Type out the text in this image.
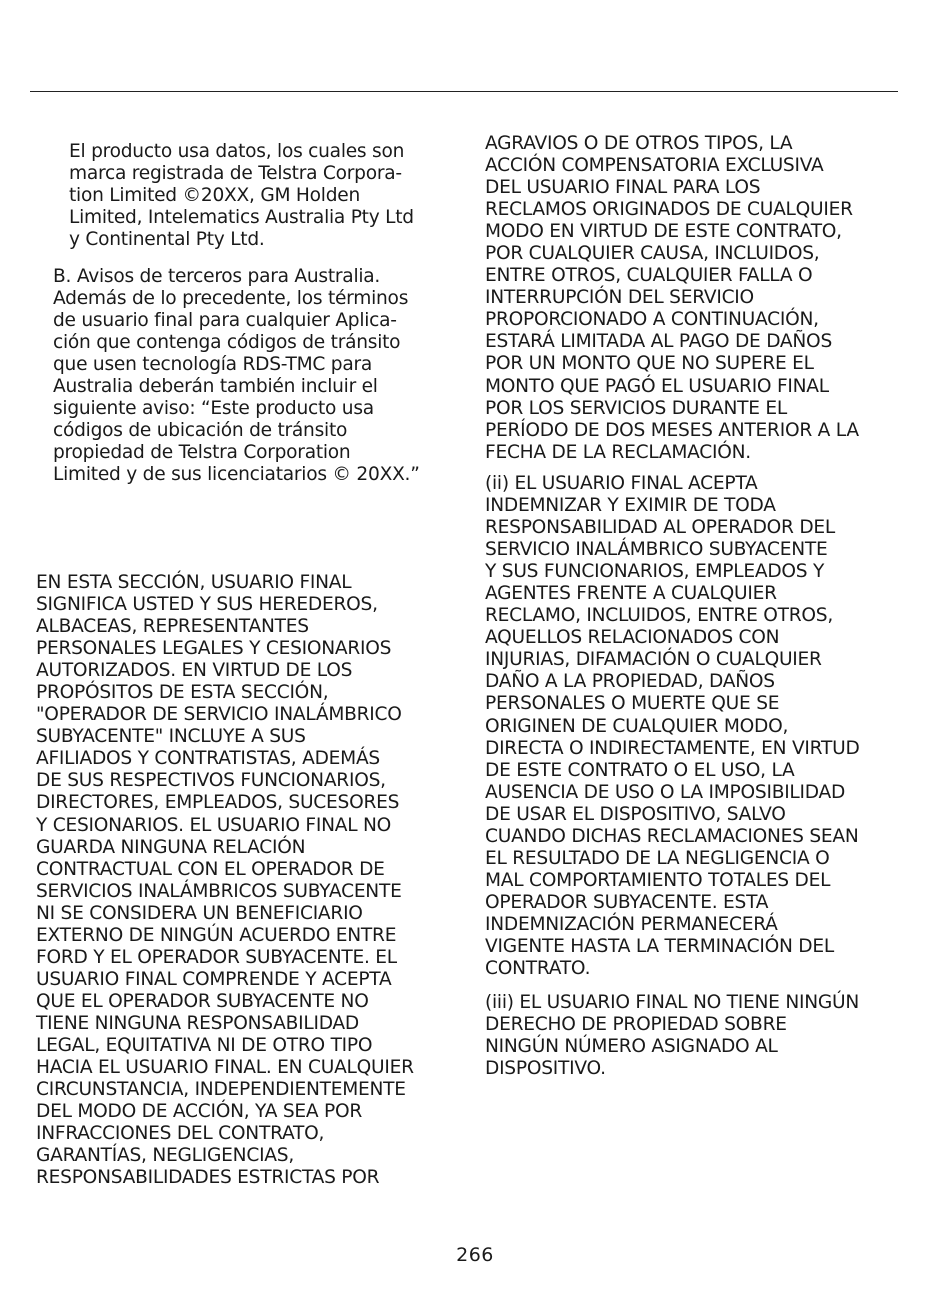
El producto usa datos, los cuales son
marca registrada de Telstra Corpora-
tion Limited ©20XX, GM Holden
Limited, Intelematics Australia Pty Ltd
y Continental Pty Ltd.
B. Avisos de terceros para Australia.
Además de lo precedente, los términos
de usuario final para cualquier Aplica-
ción que contenga códigos de tránsito
que usen tecnología RDS-TMC para
Australia deberán también incluir el
siguiente aviso: “Este producto usa
códigos de ubicación de tránsito
propiedad de Telstra Corporation
Limited y de sus licenciatarios © 20XX.”
EN ESTA SECCIÓN, USUARIO FINAL
SIGNIFICA USTED Y SUS HEREDEROS,
ALBACEAS, REPRESENTANTES
PERSONALES LEGALES Y CESIONARIOS
AUTORIZADOS. EN VIRTUD DE LOS
PROPÓSITOS DE ESTA SECCIÓN,
"OPERADOR DE SERVICIO INALÁMBRICO
SUBYACENTE" INCLUYE A SUS
AFILIADOS Y CONTRATISTAS, ADEMÁS
DE SUS RESPECTIVOS FUNCIONARIOS,
DIRECTORES, EMPLEADOS, SUCESORES
Y CESIONARIOS. EL USUARIO FINAL NO
GUARDA NINGUNA RELACIÓN
CONTRACTUAL CON EL OPERADOR DE
SERVICIOS INALÁMBRICOS SUBYACENTE
NI SE CONSIDERA UN BENEFICIARIO
EXTERNO DE NINGÚN ACUERDO ENTRE
FORD Y EL OPERADOR SUBYACENTE. EL
USUARIO FINAL COMPRENDE Y ACEPTA
QUE EL OPERADOR SUBYACENTE NO
TIENE NINGUNA RESPONSABILIDAD
LEGAL, EQUITATIVA NI DE OTRO TIPO
HACIA EL USUARIO FINAL. EN CUALQUIER
CIRCUNSTANCIA, INDEPENDIENTEMENTE
DEL MODO DE ACCIÓN, YA SEA POR
INFRACCIONES DEL CONTRATO,
GARANTÍAS, NEGLIGENCIAS,
RESPONSABILIDADES ESTRICTAS POR
AGRAVIOS O DE OTROS TIPOS, LA
ACCIÓN COMPENSATORIA EXCLUSIVA
DEL USUARIO FINAL PARA LOS
RECLAMOS ORIGINADOS DE CUALQUIER
MODO EN VIRTUD DE ESTE CONTRATO,
POR CUALQUIER CAUSA, INCLUIDOS,
ENTRE OTROS, CUALQUIER FALLA O
INTERRUPCIÓN DEL SERVICIO
PROPORCIONADO A CONTINUACIÓN,
ESTARÁ LIMITADA AL PAGO DE DAÑOS
POR UN MONTO QUE NO SUPERE EL
MONTO QUE PAGÓ EL USUARIO FINAL
POR LOS SERVICIOS DURANTE EL
PERÍODO DE DOS MESES ANTERIOR A LA
FECHA DE LA RECLAMACIÓN.
(ii) EL USUARIO FINAL ACEPTA
INDEMNIZAR Y EXIMIR DE TODA
RESPONSABILIDAD AL OPERADOR DEL
SERVICIO INALÁMBRICO SUBYACENTE
Y SUS FUNCIONARIOS, EMPLEADOS Y
AGENTES FRENTE A CUALQUIER
RECLAMO, INCLUIDOS, ENTRE OTROS,
AQUELLOS RELACIONADOS CON
INJURIAS, DIFAMACIÓN O CUALQUIER
DAÑO A LA PROPIEDAD, DAÑOS
PERSONALES O MUERTE QUE SE
ORIGINEN DE CUALQUIER MODO,
DIRECTA O INDIRECTAMENTE, EN VIRTUD
DE ESTE CONTRATO O EL USO, LA
AUSENCIA DE USO O LA IMPOSIBILIDAD
DE USAR EL DISPOSITIVO, SALVO
CUANDO DICHAS RECLAMACIONES SEAN
EL RESULTADO DE LA NEGLIGENCIA O
MAL COMPORTAMIENTO TOTALES DEL
OPERADOR SUBYACENTE. ESTA
INDEMNIZACIÓN PERMANECERÁ
VIGENTE HASTA LA TERMINACIÓN DEL
CONTRATO.
(iii) EL USUARIO FINAL NO TIENE NINGÚN
DERECHO DE PROPIEDAD SOBRE
NINGÚN NÚMERO ASIGNADO AL
DISPOSITIVO.
266
